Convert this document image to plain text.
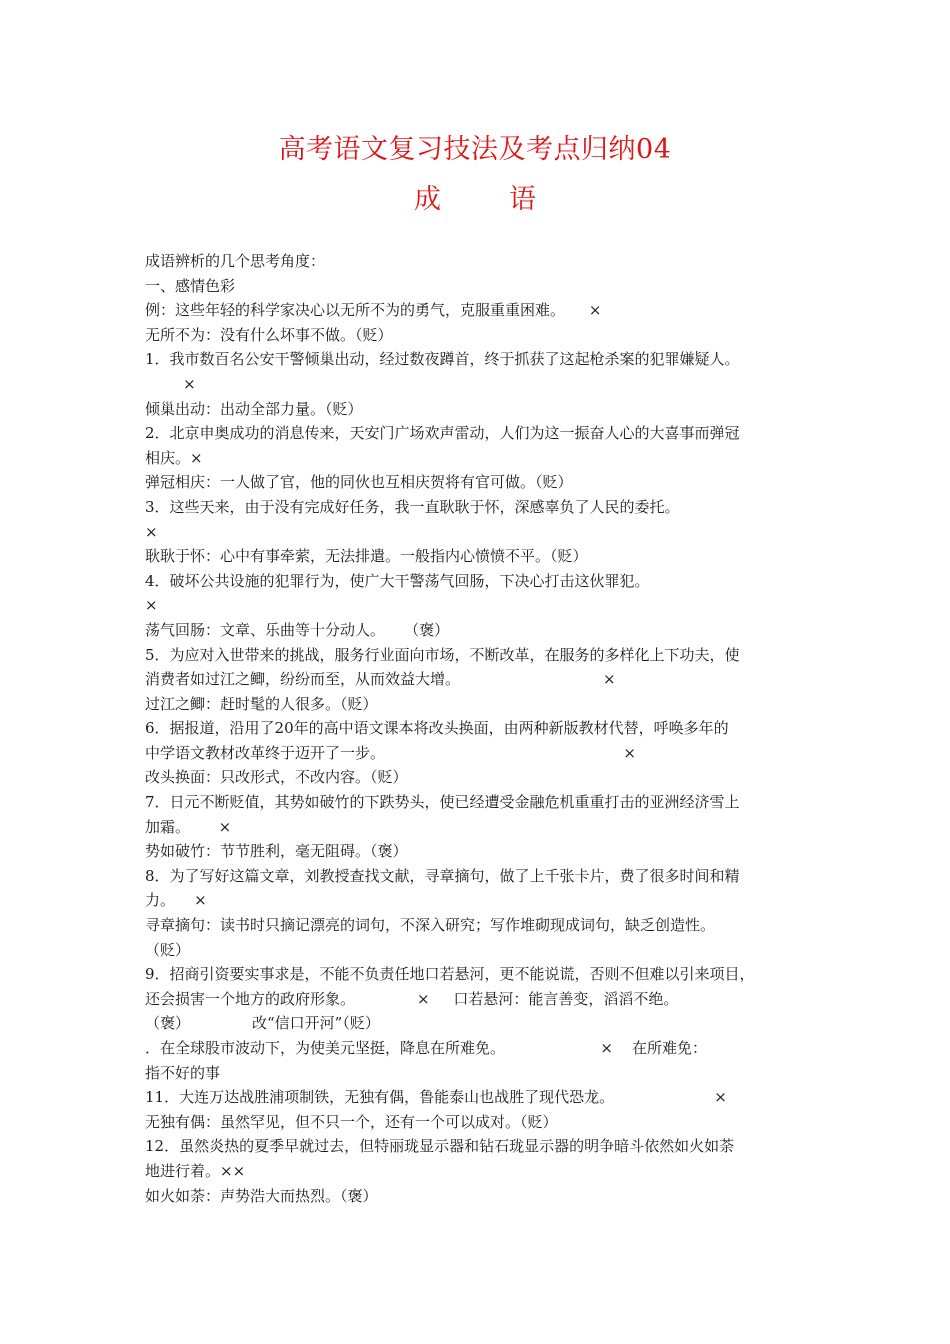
高考语文复习技法及考点归纳04
成	语
成语辨析的几个思考角度：
一、感情色彩
例：这些年轻的科学家决心以无所不为的勇气，克服重重困难。     ×
无所不为：没有什么坏事不做。（贬）
1．我市数百名公安干警倾巢出动，经过数夜蹲首，终于抓获了这起枪杀案的犯罪嫌疑人。
×
倾巢出动：出动全部力量。（贬）
2．北京申奥成功的消息传来，天安门广场欢声雷动，人们为这一振奋人心的大喜事而弹冠
相庆。×
弹冠相庆：一人做了官，他的同伙也互相庆贺将有官可做。（贬）
3．这些天来，由于没有完成好任务，我一直耿耿于怀，深感辜负了人民的委托。
×
耿耿于怀：心中有事牵萦，无法排遣。一般指内心愤愤不平。（贬）
4．破坏公共设施的犯罪行为，使广大干警荡气回肠，下决心打击这伙罪犯。
×
荡气回肠：文章、乐曲等十分动人。    （褒）
5．为应对入世带来的挑战，服务行业面向市场，不断改革，在服务的多样化上下功夫，使
消费者如过江之鲫，纷纷而至，从而效益大增。                              ×
过江之鲫：赶时髦的人很多。（贬）
6．据报道，沿用了20年的高中语文课本将改头换面，由两种新版教材代替，呼唤多年的
中学语文教材改革终于迈开了一步。                                                  ×
改头换面：只改形式，不改内容。（贬）
7．日元不断贬值，其势如破竹的下跌势头，使已经遭受金融危机重重打击的亚洲经济雪上
加霜。      ×
势如破竹：节节胜利，毫无阻碍。（褒）
8．为了写好这篇文章，刘教授查找文献，寻章摘句，做了上千张卡片，费了很多时间和精
力。    ×
寻章摘句：读书时只摘记漂亮的词句，不深入研究；写作堆砌现成词句，缺乏创造性。
（贬）
9．招商引资要实事求是，不能不负责任地口若悬河，更不能说谎，否则不但难以引来项目，
还会损害一个地方的政府形象。             ×     口若悬河：能言善变，滔滔不绝。
（褒）             改“信口开河”（贬）
．在全球股市波动下，为使美元坚挺，降息在所难免。                    ×    在所难免：
指不好的事
11．大连万达战胜浦项制铁，无独有偶，鲁能泰山也战胜了现代恐龙。                     ×
无独有偶：虽然罕见，但不只一个，还有一个可以成对。（贬）
12．虽然炎热的夏季早就过去，但特丽珑显示器和钻石珑显示器的明争暗斗依然如火如荼
地进行着。××
如火如荼：声势浩大而热烈。（褒）
